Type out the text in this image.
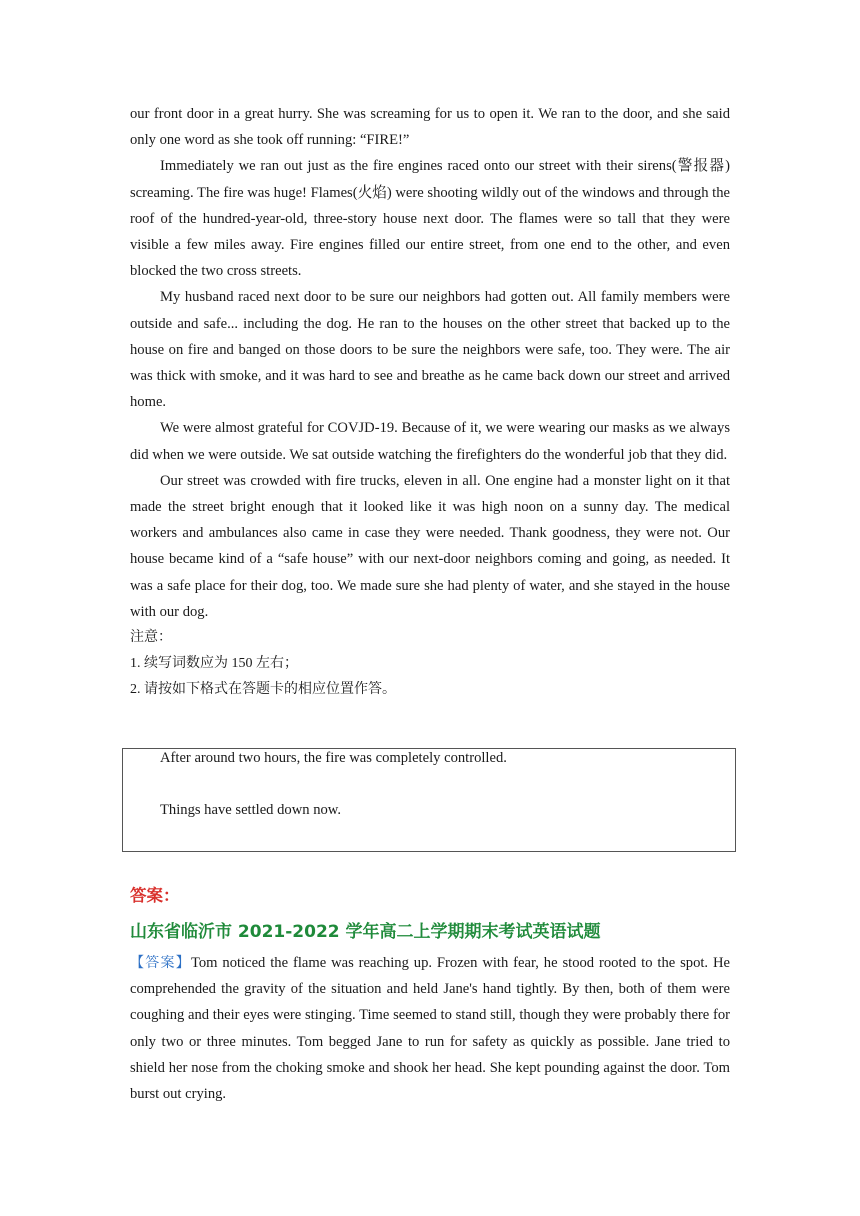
our front door in a great hurry. She was screaming for us to open it. We ran to the door, and she said only one word as she took off running: “FIRE!”

Immediately we ran out just as the fire engines raced onto our street with their sirens(警报器) screaming. The fire was huge! Flames(火焰) were shooting wildly out of the windows and through the roof of the hundred-year-old, three-story house next door. The flames were so tall that they were visible a few miles away. Fire engines filled our entire street, from one end to the other, and even blocked the two cross streets.

My husband raced next door to be sure our neighbors had gotten out. All family members were outside and safe... including the dog. He ran to the houses on the other street that backed up to the house on fire and banged on those doors to be sure the neighbors were safe, too. They were. The air was thick with smoke, and it was hard to see and breathe as he came back down our street and arrived home.

We were almost grateful for COVJD-19. Because of it, we were wearing our masks as we always did when we were outside. We sat outside watching the firefighters do the wonderful job that they did.

Our street was crowded with fire trucks, eleven in all. One engine had a monster light on it that made the street bright enough that it looked like it was high noon on a sunny day. The medical workers and ambulances also came in case they were needed. Thank goodness, they were not. Our house became kind of a “safe house” with our next-door neighbors coming and going, as needed. It was a safe place for their dog, too. We made sure she had plenty of water, and she stayed in the house with our dog.

注意：
1. 续写词数应为 150 左右；
2. 请按如下格式在答题卡的相应位置作答。
After around two hours, the fire was completely controlled.
Things have settled down now.
答案：
山东省临沂市 2021-2022 学年高二上学期期末考试英语试题

【答案】Tom noticed the flame was reaching up. Frozen with fear, he stood rooted to the spot. He comprehended the gravity of the situation and held Jane's hand tightly. By then, both of them were coughing and their eyes were stinging. Time seemed to stand still, though they were probably there for only two or three minutes. Tom begged Jane to run for safety as quickly as possible. Jane tried to shield her nose from the choking smoke and shook her head. She kept pounding against the door. Tom burst out crying.
